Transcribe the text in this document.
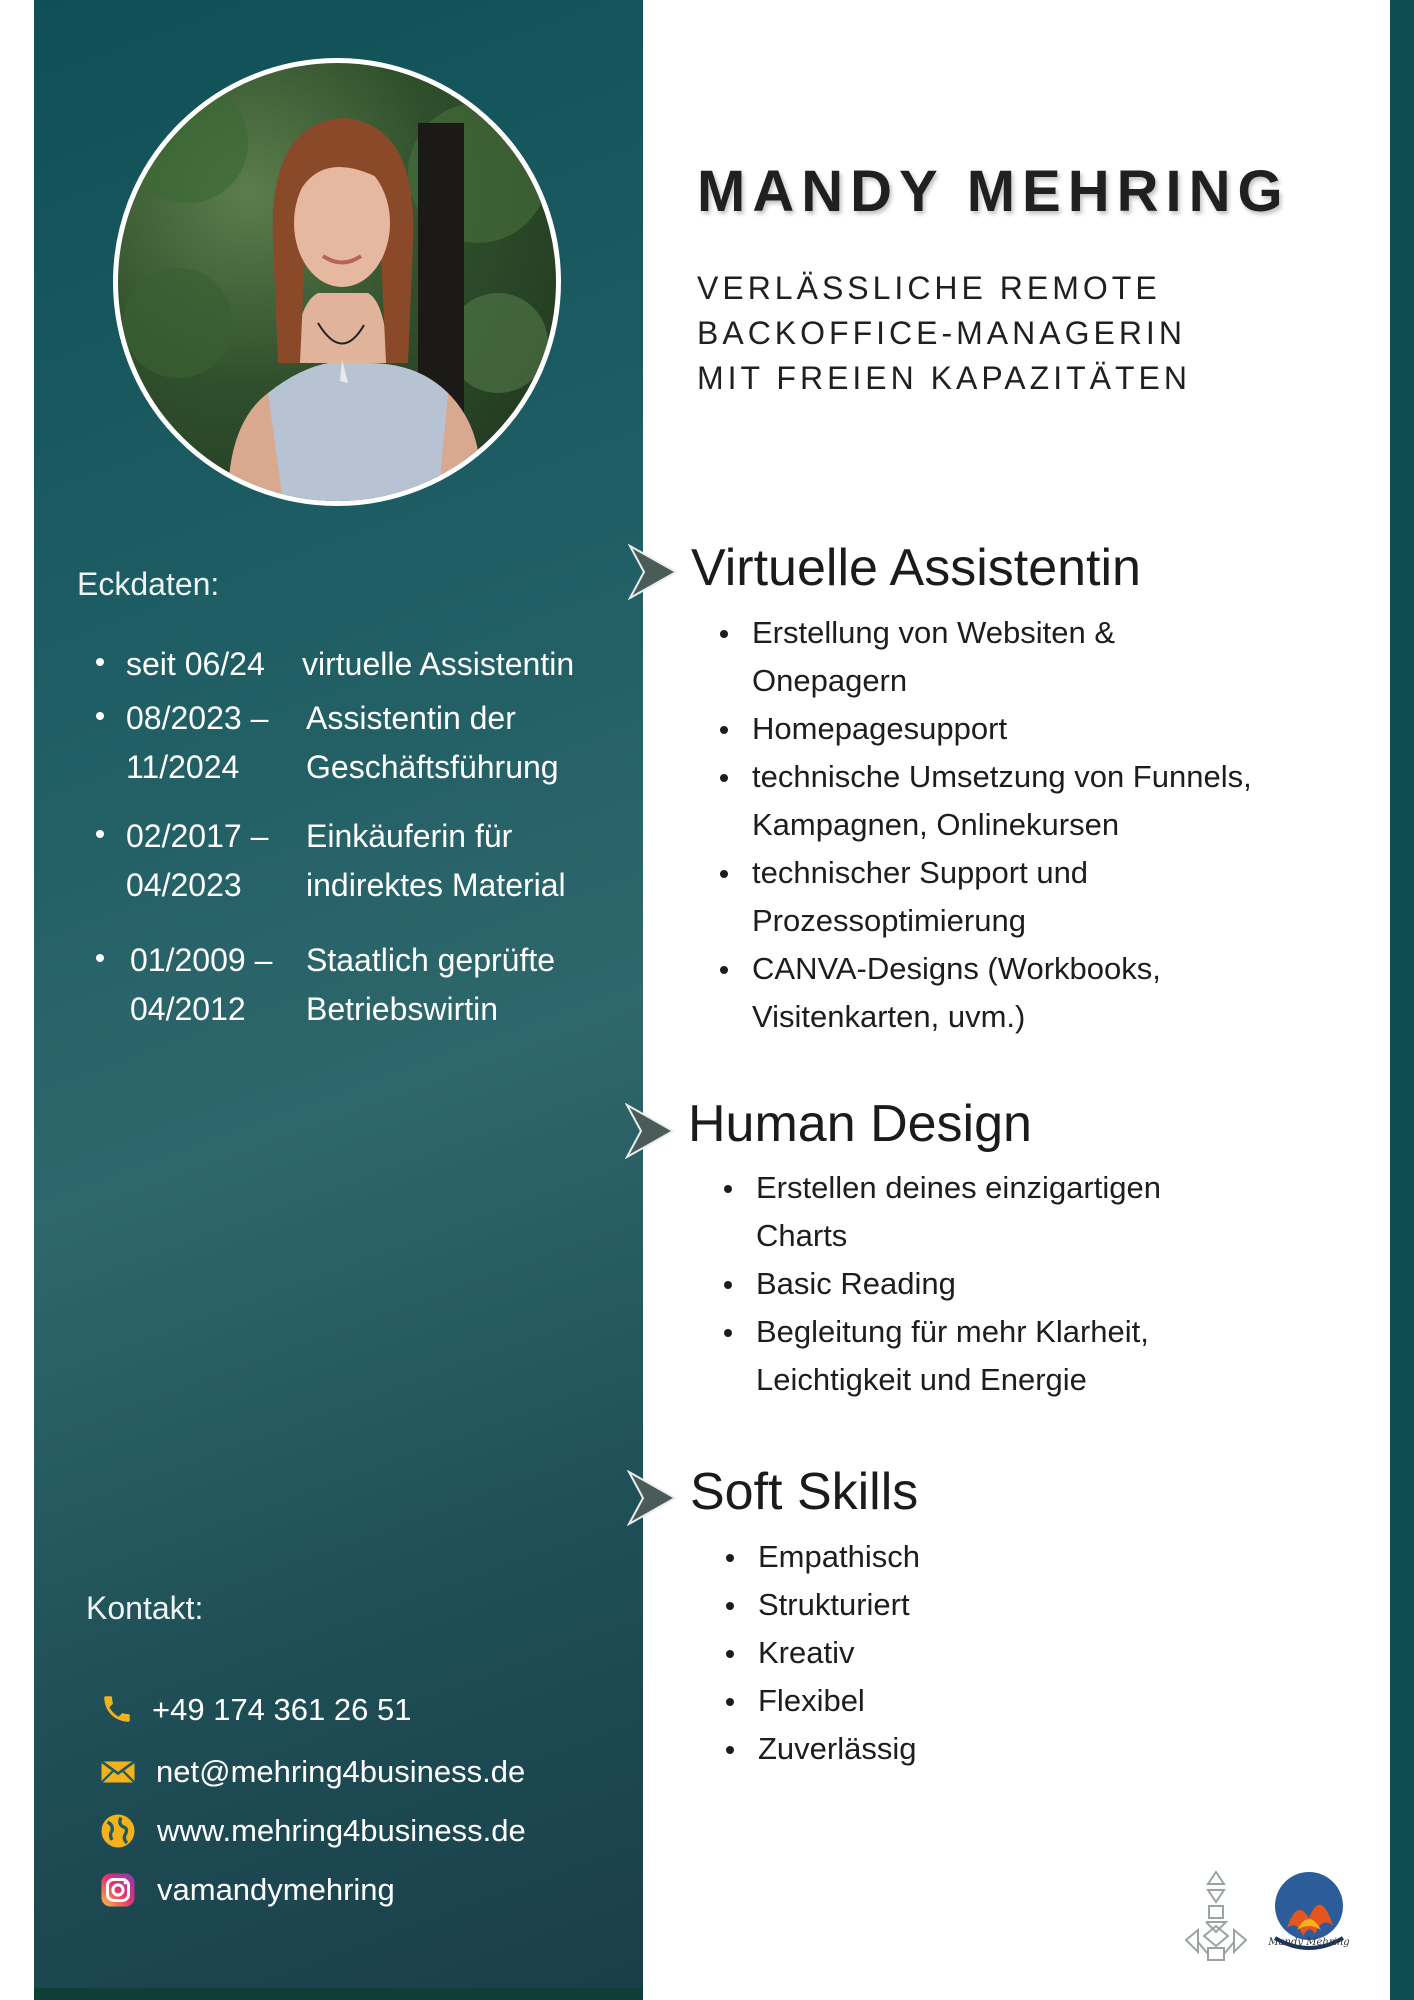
Eckdaten:
seit 06/24 virtuelle Assistentin
08/2023 –
11/2024
Assistentin der
Geschäftsführung
02/2017 –
04/2023
Einkäuferin für
indirektes Material
01/2009 –
04/2012
Staatlich geprüfte
Betriebswirtin
Kontakt:
+49 174 361 26 51
net@mehring4business.de
www.mehring4business.de
vamandymehring
MANDY MEHRING
VERLÄSSLICHE REMOTE
BACKOFFICE-MANAGERIN
MIT FREIEN KAPAZITÄTEN
Virtuelle Assistentin
Erstellung von Websiten &
Onepagern
Homepagesupport
technische Umsetzung von Funnels,
Kampagnen, Onlinekursen
technischer Support und
Prozessoptimierung
CANVA-Designs (Workbooks,
Visitenkarten, uvm.)
Human Design
Erstellen deines einzigartigen
Charts
Basic Reading
Begleitung für mehr Klarheit,
Leichtigkeit und Energie
Soft Skills
Empathisch
Strukturiert
Kreativ
Flexibel
Zuverlässig
Mandy Mehring
